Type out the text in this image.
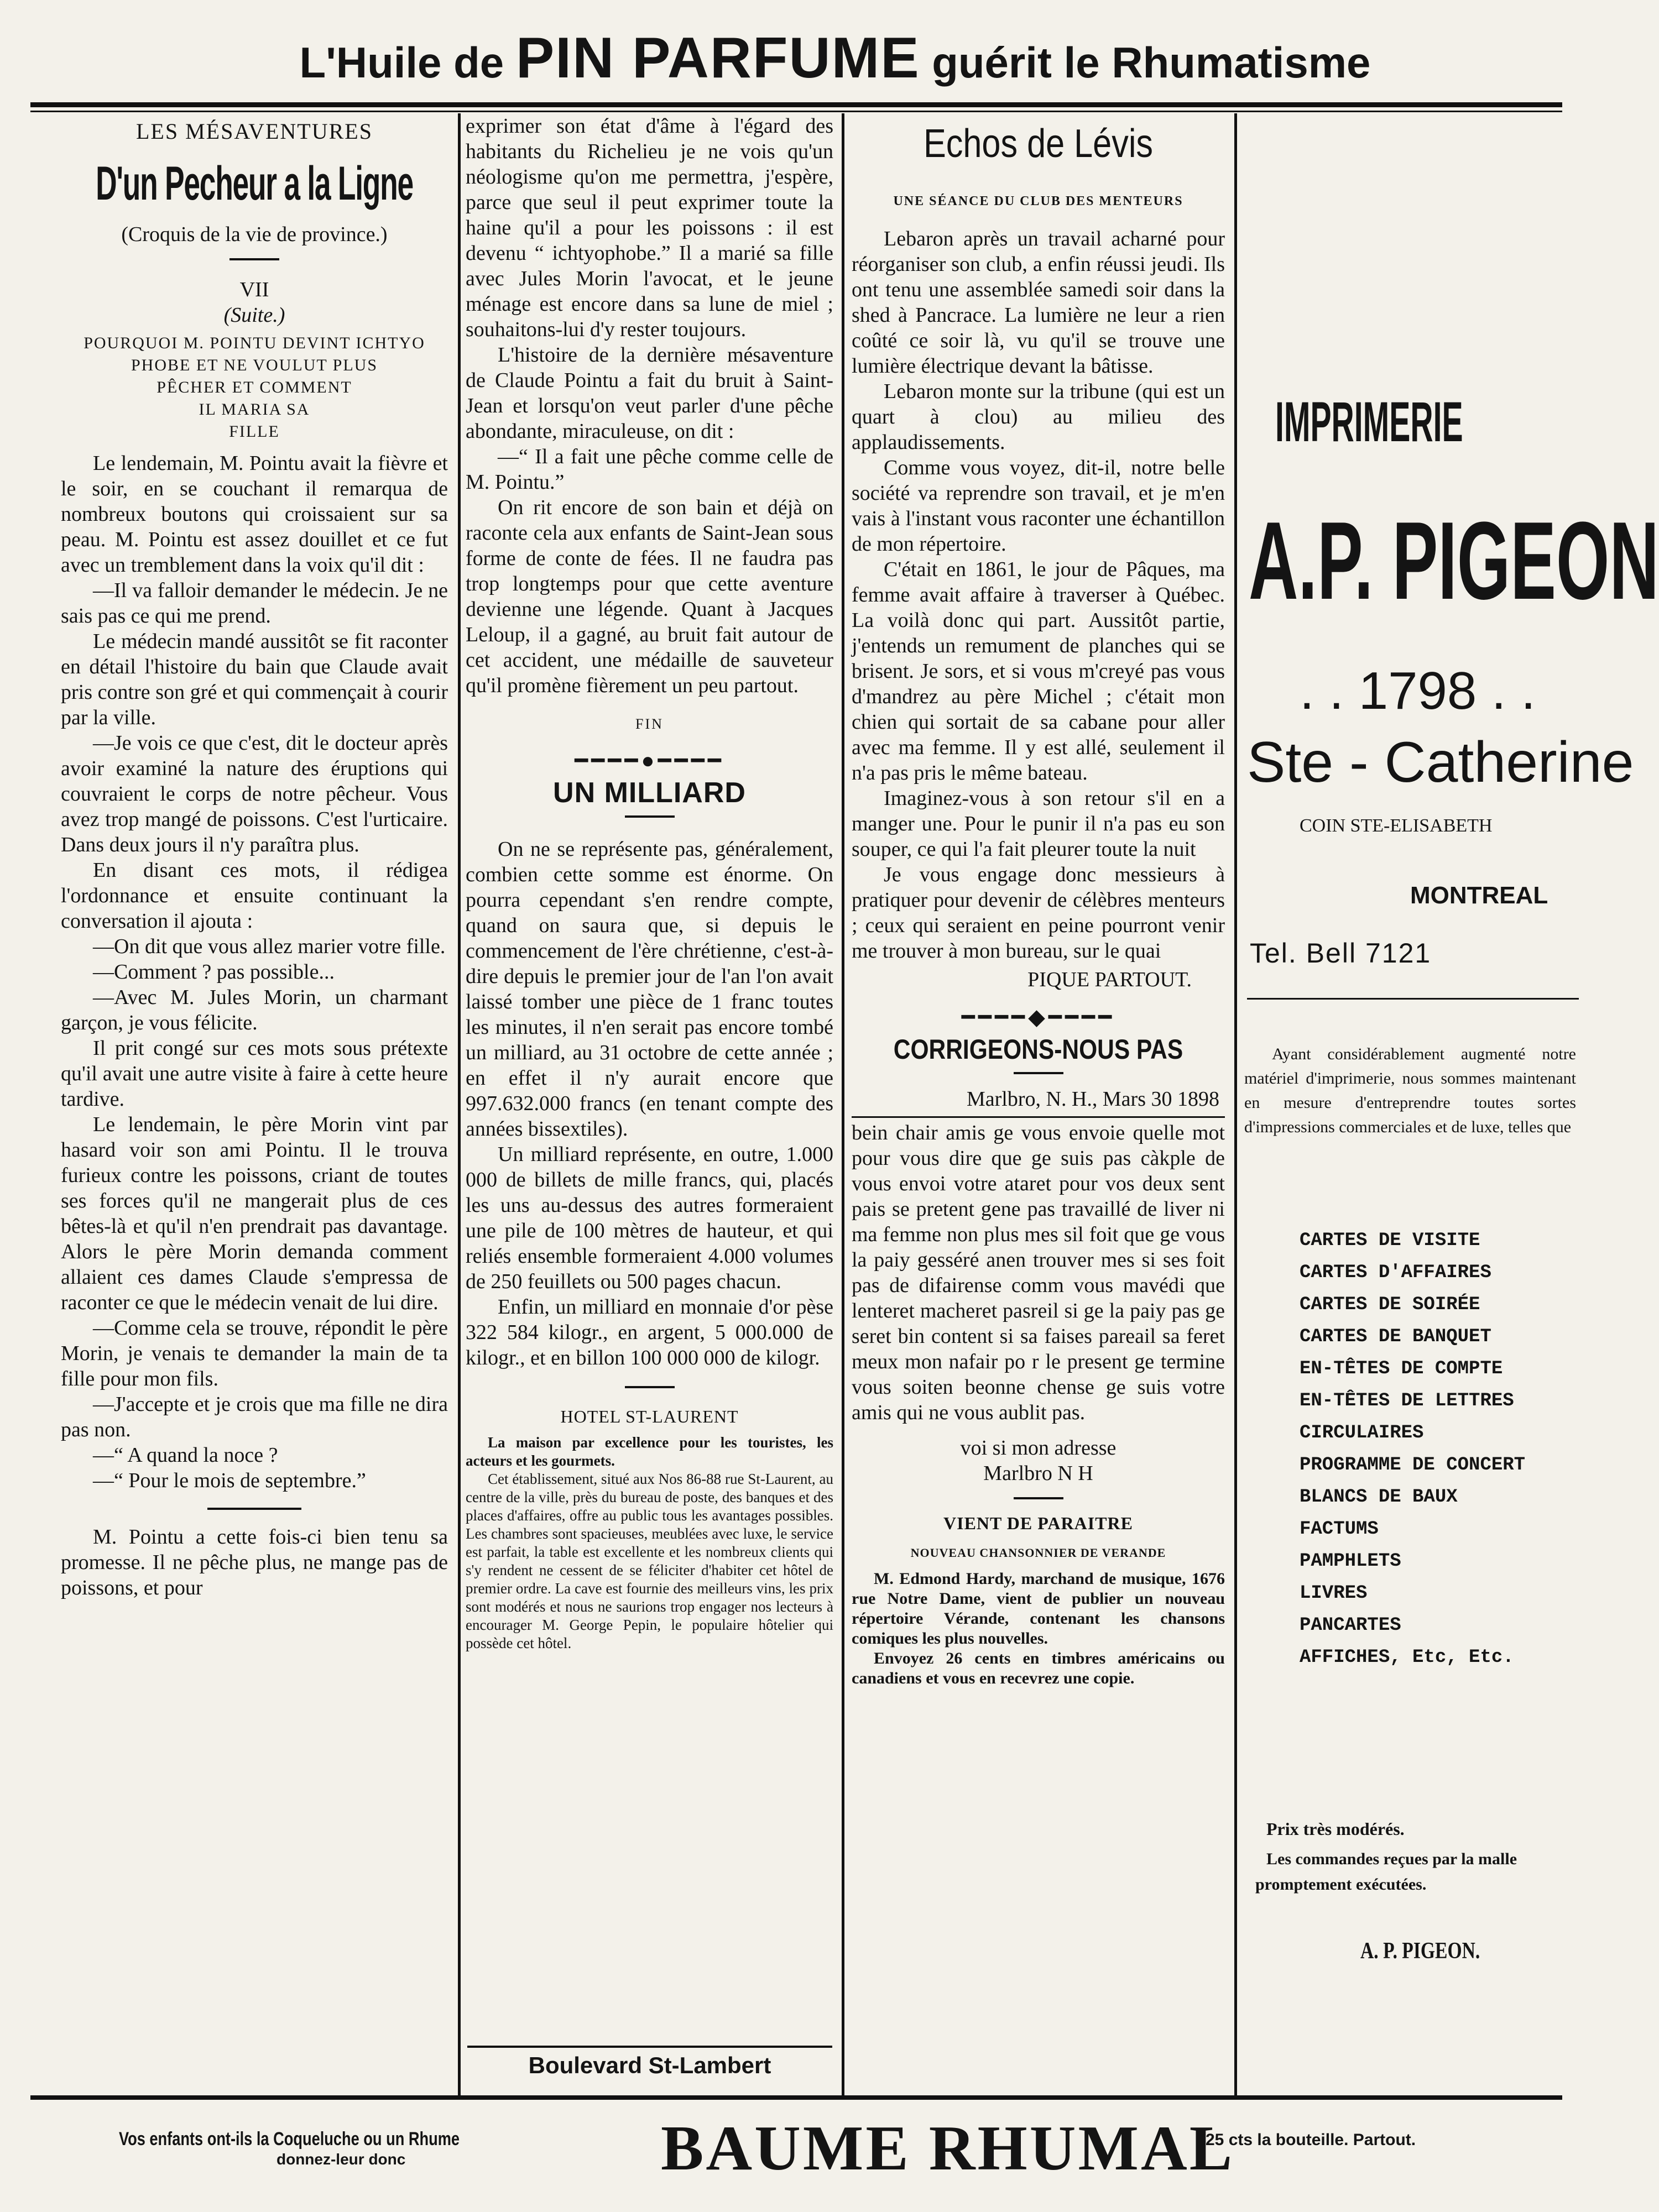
L'Huile de PIN PARFUME guérit le Rhumatisme
LES MÉSAVENTURES
D'un Pecheur a la Ligne
(Croquis de la vie de province.)
VII
(Suite.)
POURQUOI M. POINTU DEVINT ICHTYO
PHOBE ET NE VOULUT PLUS
PÊCHER ET COMMENT
IL MARIA SA
FILLE

Le lendemain, M. Pointu avait la fièvre et le soir, en se couchant il remarqua de nombreux boutons qui croissaient sur sa peau. M. Pointu est assez douillet et ce fut avec un tremblement dans la voix qu'il dit :

—Il va falloir demander le médecin. Je ne sais pas ce qui me prend.

Le médecin mandé aussitôt se fit raconter en détail l'histoire du bain que Claude avait pris contre son gré et qui commençait à courir par la ville.

—Je vois ce que c'est, dit le docteur après avoir examiné la nature des éruptions qui couvraient le corps de notre pêcheur. Vous avez trop mangé de poissons. C'est l'urticaire. Dans deux jours il n'y paraîtra plus.

En disant ces mots, il rédigea l'ordonnance et ensuite continuant la conversation il ajouta :

—On dit que vous allez marier votre fille.

—Comment ? pas possible...

—Avec M. Jules Morin, un charmant garçon, je vous félicite.

Il prit congé sur ces mots sous prétexte qu'il avait une autre visite à faire à cette heure tardive.

Le lendemain, le père Morin vint par hasard voir son ami Pointu. Il le trouva furieux contre les poissons, criant de toutes ses forces qu'il ne mangerait plus de ces bêtes-là et qu'il n'en prendrait pas davantage. Alors le père Morin demanda comment allaient ces dames Claude s'empressa de raconter ce que le médecin venait de lui dire.

—Comme cela se trouve, répondit le père Morin, je venais te demander la main de ta fille pour mon fils.

—J'accepte et je crois que ma fille ne dira pas non.

—“ A quand la noce ?

—“ Pour le mois de septembre.”

M. Pointu a cette fois-ci bien tenu sa promesse. Il ne pêche plus, ne mange pas de poissons, et pour

exprimer son état d'âme à l'égard des habitants du Richelieu je ne vois qu'un néologisme qu'on me permettra, j'espère, parce que seul il peut exprimer toute la haine qu'il a pour les poissons : il est devenu “ ichtyophobe.” Il a marié sa fille avec Jules Morin l'avocat, et le jeune ménage est encore dans sa lune de miel ; souhaitons-lui d'y rester toujours.

L'histoire de la dernière mésaventure de Claude Pointu a fait du bruit à Saint-Jean et lorsqu'on veut parler d'une pêche abondante, miraculeuse, on dit :

—“ Il a fait une pêche comme celle de M. Pointu.”

On rit encore de son bain et déjà on raconte cela aux enfants de Saint-Jean sous forme de conte de fées. Il ne faudra pas trop longtemps pour que cette aventure devienne une légende. Quant à Jacques Leloup, il a gagné, au bruit fait autour de cet accident, une médaille de sauveteur qu'il promène fièrement un peu partout.

FIN
━━━━●━━━━
UN MILLIARD

On ne se représente pas, généralement, combien cette somme est énorme. On pourra cependant s'en rendre compte, quand on saura que, si depuis le commencement de l'ère chrétienne, c'est-à-dire depuis le premier jour de l'an l'on avait laissé tomber une pièce de 1 franc toutes les minutes, il n'en serait pas encore tombé un milliard, au 31 octobre de cette année ; en effet il n'y aurait encore que 997.632.000 francs (en tenant compte des années bissextiles).

Un milliard représente, en outre, 1.000 000 de billets de mille francs, qui, placés les uns au-dessus des autres formeraient une pile de 100 mètres de hauteur, et qui reliés ensemble formeraient 4.000 volumes de 250 feuillets ou 500 pages chacun.

Enfin, un milliard en monnaie d'or pèse 322 584 kilogr., en argent, 5 000.000 de kilogr., et en billon 100 000 000 de kilogr.

HOTEL ST-LAURENT

La maison par excellence pour les touristes, les acteurs et les gourmets.

Cet établissement, situé aux Nos 86-88 rue St-Laurent, au centre de la ville, près du bureau de poste, des banques et des places d'affaires, offre au public tous les avantages possibles. Les chambres sont spacieuses, meublées avec luxe, le service est parfait, la table est excellente et les nombreux clients qui s'y rendent ne cessent de se féliciter d'habiter cet hôtel de premier ordre. La cave est fournie des meilleurs vins, les prix sont modérés et nous ne saurions trop engager nos lecteurs à encourager M. George Pepin, le populaire hôtelier qui possède cet hôtel.

Boulevard St-Lambert
Echos de Lévis
UNE SÉANCE DU CLUB DES MENTEURS

Lebaron après un travail acharné pour réorganiser son club, a enfin réussi jeudi. Ils ont tenu une assemblée samedi soir dans la shed à Pancrace. La lumière ne leur a rien coûté ce soir là, vu qu'il se trouve une lumière électrique devant la bâtisse.

Lebaron monte sur la tribune (qui est un quart à clou) au milieu des applaudissements.

Comme vous voyez, dit-il, notre belle société va reprendre son travail, et je m'en vais à l'instant vous raconter une échantillon de mon répertoire.

C'était en 1861, le jour de Pâques, ma femme avait affaire à traverser à Québec. La voilà donc qui part. Aussitôt partie, j'entends un remument de planches qui se brisent. Je sors, et si vous m'creyé pas vous d'mandrez au père Michel ; c'était mon chien qui sortait de sa cabane pour aller avec ma femme. Il y est allé, seulement il n'a pas pris le même bateau.

Imaginez-vous à son retour s'il en a manger une. Pour le punir il n'a pas eu son souper, ce qui l'a fait pleurer toute la nuit

Je vous engage donc messieurs à pratiquer pour devenir de célèbres menteurs ; ceux qui seraient en peine pourront venir me trouver à mon bureau, sur le quai

PIQUE PARTOUT.
━━━━◆━━━━
CORRIGEONS-NOUS PAS
Marlbro, N. H., Mars 30 1898

bein chair amis ge vous envoie quelle mot pour vous dire que ge suis pas càkple de vous envoi votre ataret pour vos deux sent pais se pretent gene pas travaillé de liver ni ma femme non plus mes sil foit que ge vous la paiy gesséré anen trouver mes si ses foit pas de difairense comm vous mavédi que lenteret macheret pasreil si ge la paiy pas ge seret bin content si sa faises pareail sa feret meux mon nafair po r le present ge termine vous soiten beonne chense ge suis votre amis qui ne vous aublit pas.

voi si mon adresse
Marlbro N H
VIENT DE PARAITRE
NOUVEAU CHANSONNIER DE VERANDE

M. Edmond Hardy, marchand de musique, 1676 rue Notre Dame, vient de publier un nouveau répertoire Vérande, contenant les chansons comiques les plus nouvelles.

Envoyez 26 cents en timbres américains ou canadiens et vous en recevrez une copie.

IMPRIMERIE
A.P. PIGEON
. . 1798 . .
Ste - Catherine
COIN STE-ELISABETH
MONTREAL
Tel. Bell 7121
Ayant considérablement augmenté notre matériel d'imprimerie, nous sommes maintenant en mesure d'entreprendre toutes sortes d'impressions commerciales et de luxe, telles que
CARTES DE VISITE
CARTES D'AFFAIRES
CARTES DE SOIRÉE
CARTES DE BANQUET
EN-TÊTES DE COMPTE
EN-TÊTES DE LETTRES
CIRCULAIRES
PROGRAMME DE CONCERT
BLANCS DE BAUX
FACTUMS
PAMPHLETS
LIVRES
PANCARTES
AFFICHES, Etc, Etc.
Prix très modérés.
Les commandes reçues par la malle promptement exécutées.
A. P. PIGEON.
Vos enfants ont-ils la Coqueluche ou un Rhume
donnez-leur donc	BAUME RHUMAL
25 cts la bouteille. Partout.
